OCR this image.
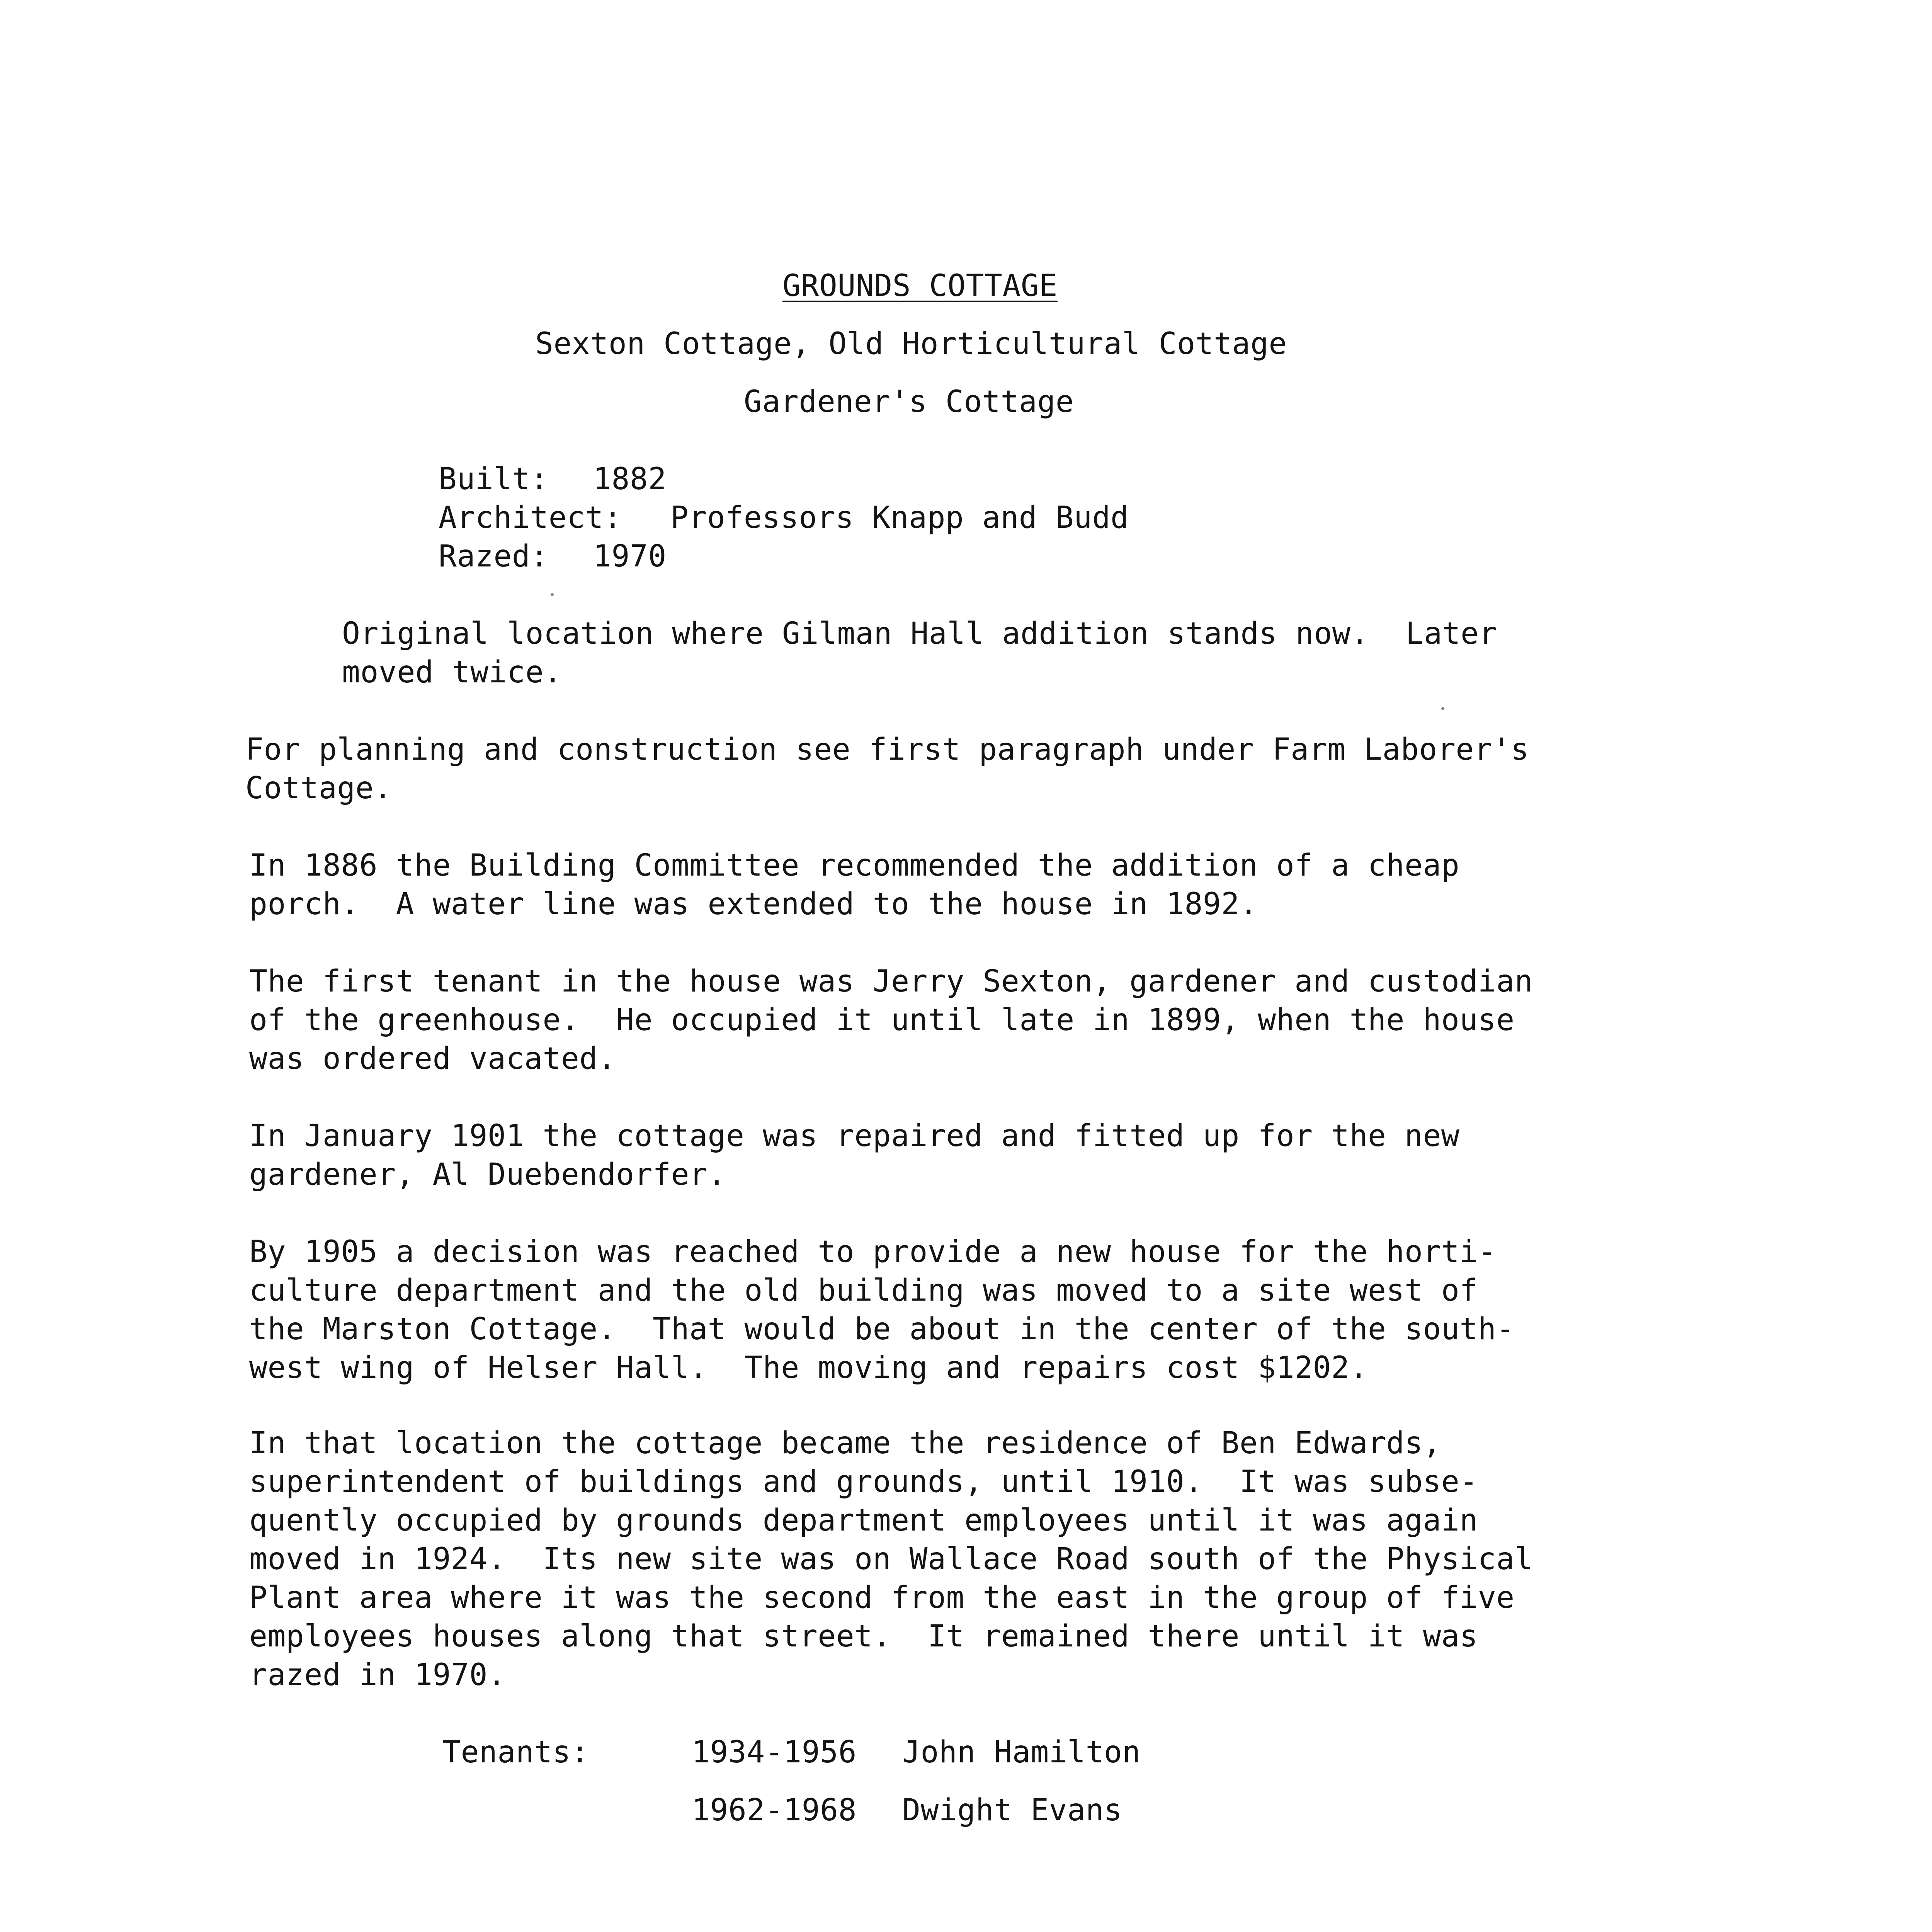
GROUNDS COTTAGE
Sexton Cottage, Old Horticultural Cottage
Gardener's Cottage
Built: 1882
Architect: Professors Knapp and Budd
Razed: 1970
Original location where Gilman Hall addition stands now.  Later
moved twice.
For planning and construction see first paragraph under Farm Laborer's
Cottage.
In 1886 the Building Committee recommended the addition of a cheap
porch.  A water line was extended to the house in 1892.
The first tenant in the house was Jerry Sexton, gardener and custodian
of the greenhouse.  He occupied it until late in 1899, when the house
was ordered vacated.
In January 1901 the cottage was repaired and fitted up for the new
gardener, Al Duebendorfer.
By 1905 a decision was reached to provide a new house for the horti-
culture department and the old building was moved to a site west of
the Marston Cottage.  That would be about in the center of the south-
west wing of Helser Hall.  The moving and repairs cost $1202.
In that location the cottage became the residence of Ben Edwards,
superintendent of buildings and grounds, until 1910.  It was subse-
quently occupied by grounds department employees until it was again
moved in 1924.  Its new site was on Wallace Road south of the Physical
Plant area where it was the second from the east in the group of five
employees houses along that street.  It remained there until it was
razed in 1970.
Tenants:	1934-1956 John Hamilton
1962-1968 Dwight Evans
